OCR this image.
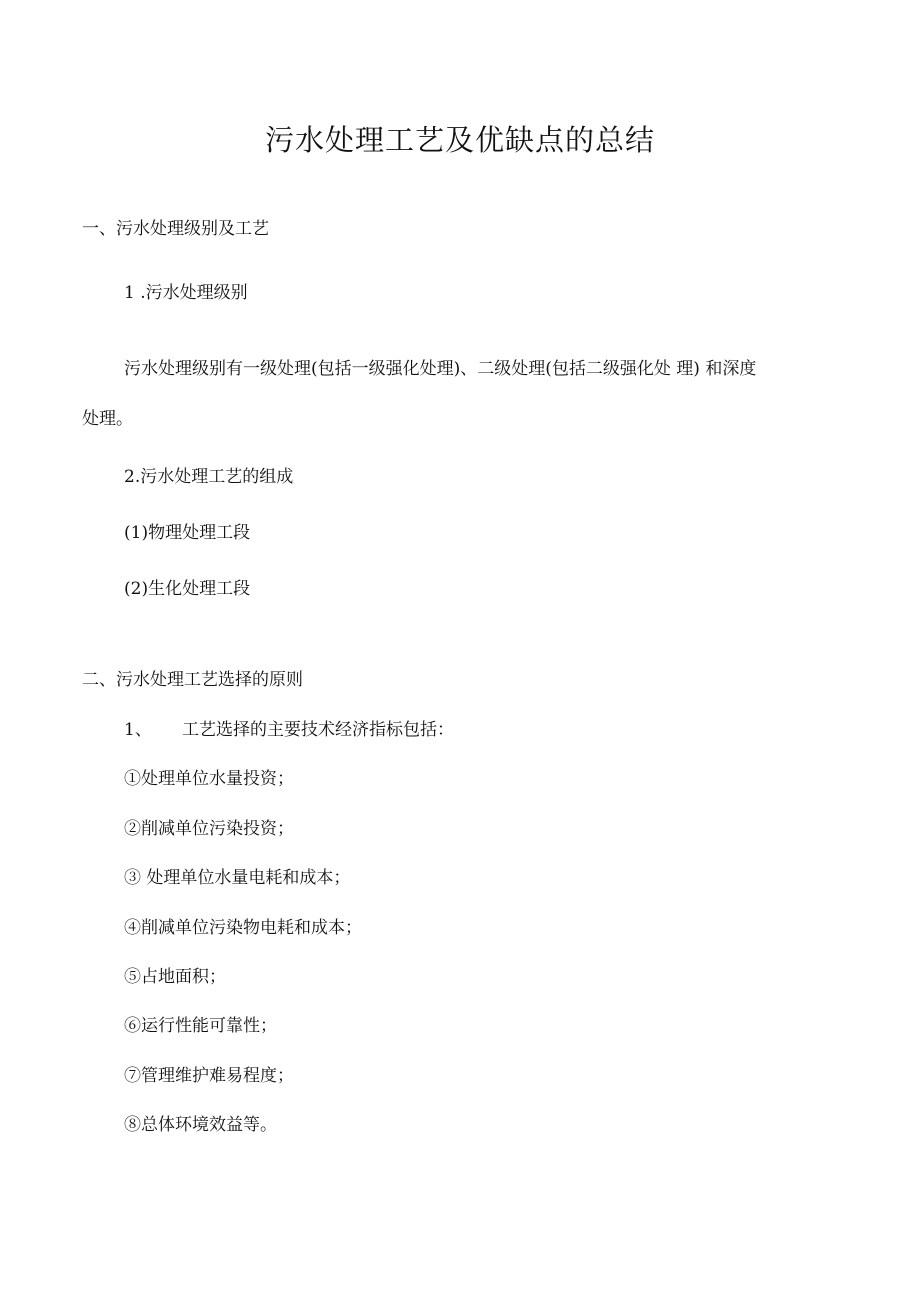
污水处理工艺及优缺点的总结
一、污水处理级别及工艺
1 .污水处理级别
污水处理级别有一级处理(包括一级强化处理)、二级处理(包括二级强化处 理) 和深度
处理。
2.污水处理工艺的组成
(1)物理处理工段
(2)生化处理工段
二、污水处理工艺选择的原则
1、 工艺选择的主要技术经济指标包括：
①处理单位水量投资；
②削减单位污染投资；
③ 处理单位水量电耗和成本；
④削减单位污染物电耗和成本；
⑤占地面积；
⑥运行性能可靠性；
⑦管理维护难易程度；
⑧总体环境效益等。
